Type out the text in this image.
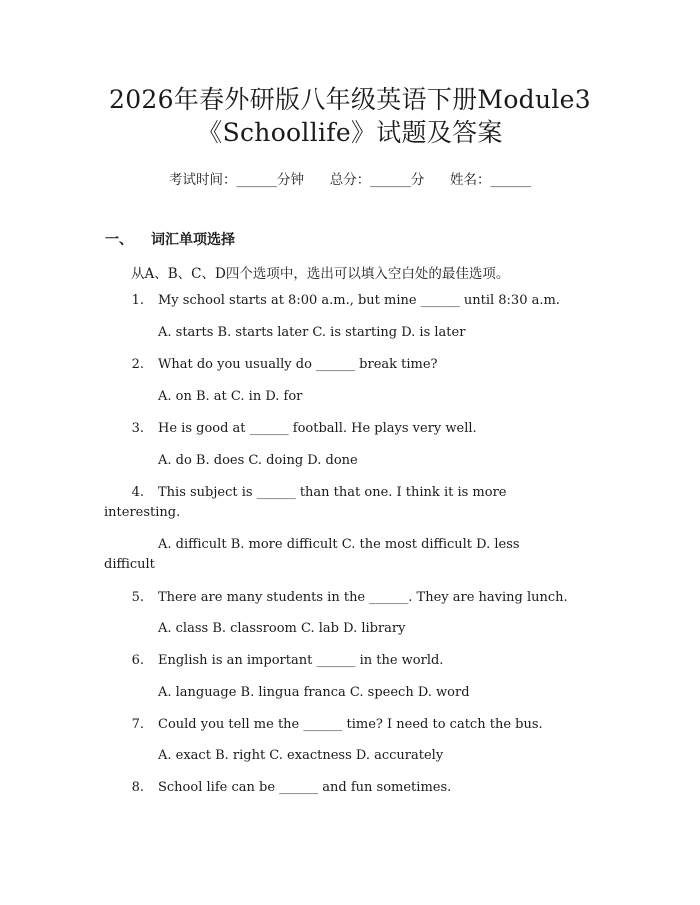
2026年春外研版八年级英语下册Module3
《Schoollife》试题及答案
考试时间：______分钟      总分：______分      姓名：______
一、 词汇单项选择
从A、B、C、D四个选项中，选出可以填入空白处的最佳选项。
1. My school starts at 8:00 a.m., but mine ______ until 8:30 a.m.
A. starts B. starts later C. is starting D. is later
2. What do you usually do ______ break time?
A. on B. at C. in D. for
3. He is good at ______ football. He plays very well.
A. do B. does C. doing D. done
4. This subject is ______ than that one. I think it is more
interesting.
A. difficult B. more difficult C. the most difficult D. less
difficult
5. There are many students in the ______. They are having lunch.
A. class B. classroom C. lab D. library
6. English is an important ______ in the world.
A. language B. lingua franca C. speech D. word
7. Could you tell me the ______ time? I need to catch the bus.
A. exact B. right C. exactness D. accurately
8. School life can be ______ and fun sometimes.
